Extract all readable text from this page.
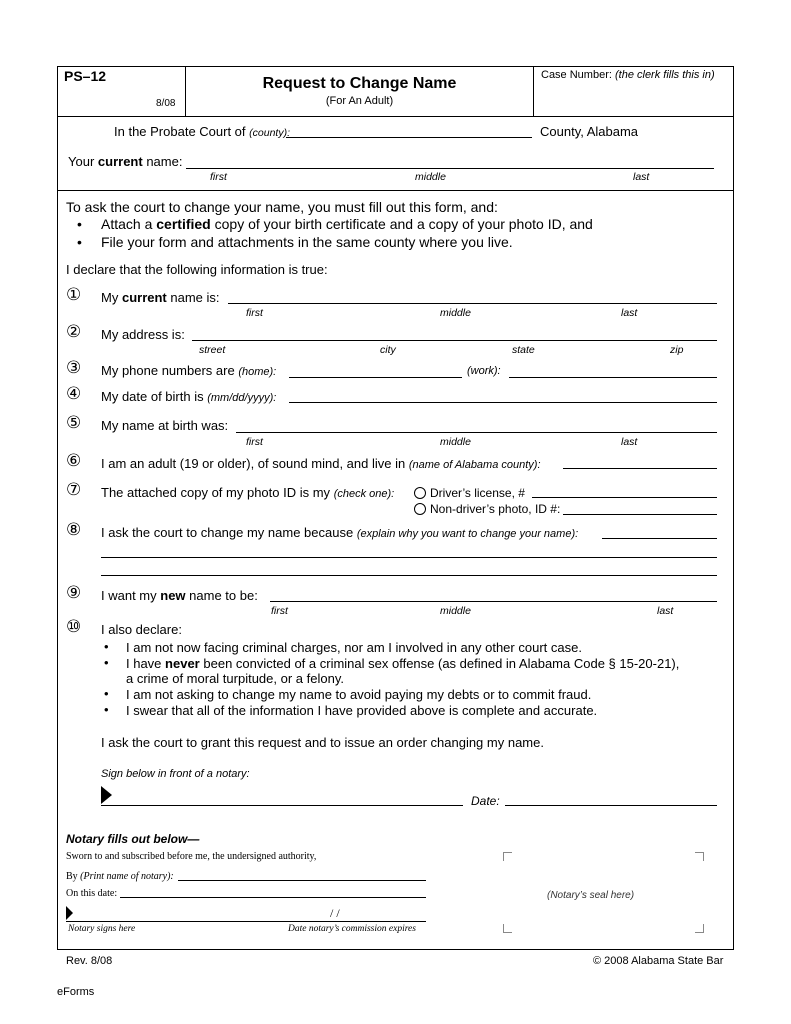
PS–12
8/08
Request to Change Name
(For An Adult)
Case Number: (the clerk fills this in)
In the Probate Court of (county):	County, Alabama
Your current name:
first	middle	last
To ask the court to change your name, you must fill out this form, and:
• Attach a certified copy of your birth certificate and a copy of your photo ID, and
• File your form and attachments in the same county where you live.
I declare that the following information is true:
① My current name is:
first	middle	last
② My address is:
street	city	state	zip
③ My phone numbers are (home):	(work):
④ My date of birth is (mm/dd/yyyy):
⑤ My name at birth was:
first	middle	last
⑥ I am an adult (19 or older), of sound mind, and live in (name of Alabama county):
⑦ The attached copy of my photo ID is my (check one):	Driver’s license, #
Non-driver’s photo, ID #:
⑧ I ask the court to change my name because (explain why you want to change your name):
⑨ I want my new name to be:
first	middle	last
⑩ I also declare:
• I am not now facing criminal charges, nor am I involved in any other court case.
• I have never been convicted of a criminal sex offense (as defined in Alabama Code § 15-20-21),
a crime of moral turpitude, or a felony.
• I am not asking to change my name to avoid paying my debts or to commit fraud.
• I swear that all of the information I have provided above is complete and accurate.
I ask the court to grant this request and to issue an order changing my name.
Sign below in front of a notary:
Date:
Notary fills out below—
Sworn to and subscribed before me, the undersigned authority,
By (Print name of notary):
On this date:
/ /
Notary signs here	Date notary’s commission expires
(Notary’s seal here)
Rev. 8/08	© 2008 Alabama State Bar
eForms
